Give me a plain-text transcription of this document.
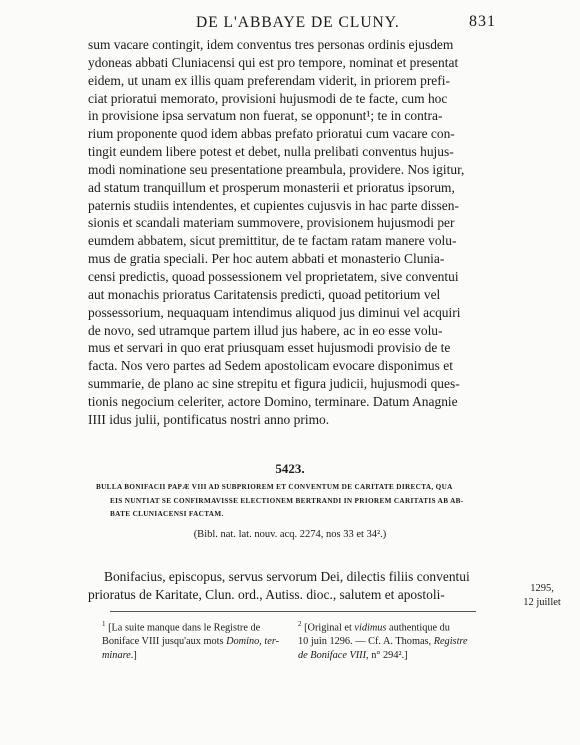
DE L'ABBAYE DE CLUNY.	831
sum vacare contingit, idem conventus tres personas ordinis ejusdem
ydoneas abbati Cluniacensi qui est pro tempore, nominat et presentat
eidem, ut unam ex illis quam preferendam viderit, in priorem prefi-
ciat prioratui memorato, provisioni hujusmodi de te facte, cum hoc
in provisione ipsa servatum non fuerat, se opponunt¹; te in contra-
rium proponente quod idem abbas prefato prioratui cum vacare con-
tingit eundem libere potest et debet, nulla prelibati conventus hujus-
modi nominatione seu presentatione preambula, providere. Nos igitur,
ad statum tranquillum et prosperum monasterii et prioratus ipsorum,
paternis studiis intendentes, et cupientes cujusvis in hac parte dissen-
sionis et scandali materiam summovere, provisionem hujusmodi per
eumdem abbatem, sicut premittitur, de te factam ratam manere volu-
mus de gratia speciali. Per hoc autem abbati et monasterio Clunia-
censi predictis, quoad possessionem vel proprietatem, sive conventui
aut monachis prioratus Caritatensis predicti, quoad petitorium vel
possessorium, nequaquam intendimus aliquod jus diminui vel acquiri
de novo, sed utramque partem illud jus habere, ac in eo esse volu-
mus et servari in quo erat priusquam esset hujusmodi provisio de te
facta. Nos vero partes ad Sedem apostolicam evocare disponimus et
summarie, de plano ac sine strepitu et figura judicii, hujusmodi ques-
tionis negocium celeriter, actore Domino, terminare. Datum Anagnie
IIII idus julii, pontificatus nostri anno primo.
5423.
BULLA BONIFACII PAPÆ VIII AD SUBPRIOREM ET CONVENTUM DE CARITATE DIRECTA, QUA
EIS NUNTIAT SE CONFIRMAVISSE ELECTIONEM BERTRANDI IN PRIOREM CARITATIS AB AB-
BATE CLUNIACENSI FACTAM.
(Bibl. nat. lat. nouv. acq. 2274, nos 33 et 34².)
Bonifacius, episcopus, servus servorum Dei, dilectis filiis conventui
prioratus de Karitate, Clun. ord., Autiss. dioc., salutem et apostoli-	1295,
12 juillet
$^1$ [La suite manque dans le Registre de
Boniface VIII jusqu'aux mots Domino, ter-
minare.]
$^2$ [Original et vidimus authentique du
10 juin 1296. — Cf. A. Thomas, Registre
de Boniface VIII, n° 294².]
